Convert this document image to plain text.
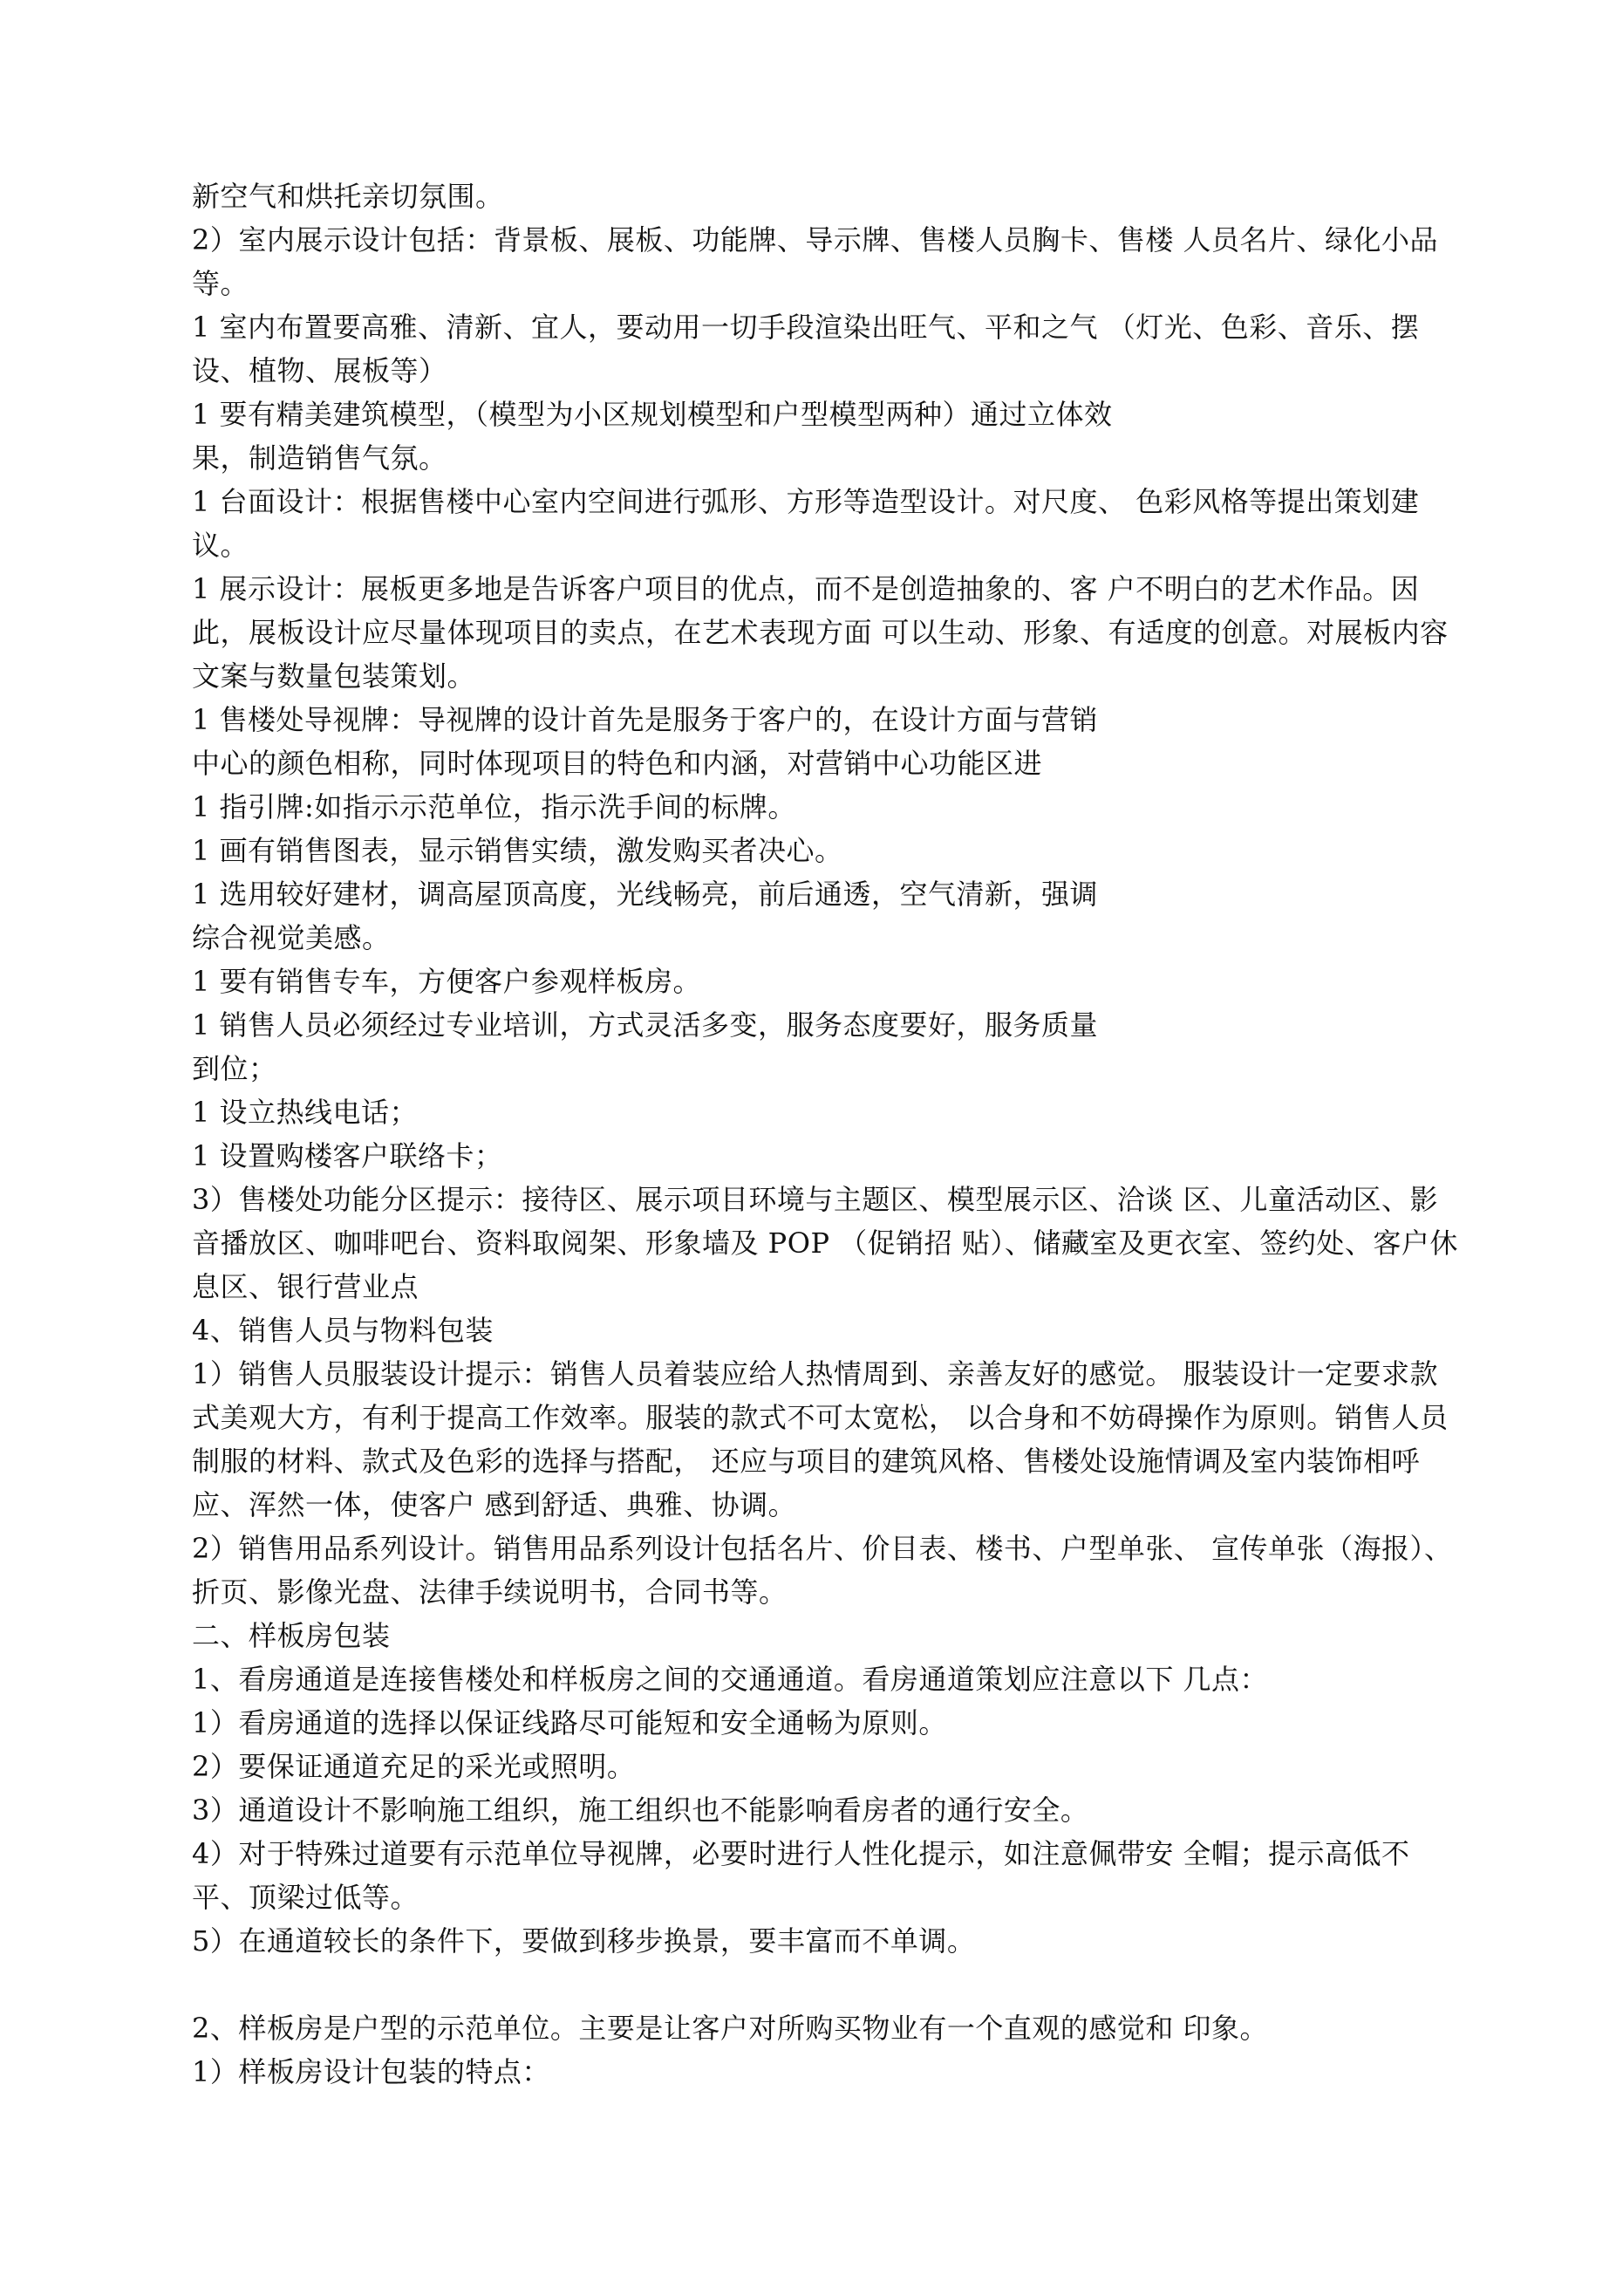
新空气和烘托亲切氛围。

2）室内展示设计包括：背景板、展板、功能牌、导示牌、售楼人员胸卡、售楼 人员名片、绿化小品等。

1 室内布置要高雅、清新、宜人，要动用一切手段渲染出旺气、平和之气 （灯光、色彩、音乐、摆设、植物、展板等）

1 要有精美建筑模型，（模型为小区规划模型和户型模型两种）通过立体效

果，制造销售气氛。

1 台面设计：根据售楼中心室内空间进行弧形、方形等造型设计。对尺度、 色彩风格等提出策划建议。

1 展示设计：展板更多地是告诉客户项目的优点，而不是创造抽象的、客 户不明白的艺术作品。因此，展板设计应尽量体现项目的卖点，在艺术表现方面 可以生动、形象、有适度的创意。对展板内容文案与数量包装策划。

1 售楼处导视牌：导视牌的设计首先是服务于客户的，在设计方面与营销

中心的颜色相称，同时体现项目的特色和内涵，对营销中心功能区进

1 指引牌:如指示示范单位，指示洗手间的标牌。

1 画有销售图表，显示销售实绩，激发购买者决心。

1 选用较好建材，调高屋顶高度，光线畅亮，前后通透，空气清新，强调

综合视觉美感。

1 要有销售专车，方便客户参观样板房。

1 销售人员必须经过专业培训，方式灵活多变，服务态度要好，服务质量

到位；

1 设立热线电话；

1 设置购楼客户联络卡；

3）售楼处功能分区提示：接待区、展示项目环境与主题区、模型展示区、洽谈 区、儿童活动区、影音播放区、咖啡吧台、资料取阅架、形象墙及 POP （促销招 贴）、储藏室及更衣室、签约处、客户休息区、银行营业点

4、销售人员与物料包装

1）销售人员服装设计提示：销售人员着装应给人热情周到、亲善友好的感觉。 服装设计一定要求款式美观大方，有利于提高工作效率。服装的款式不可太宽松， 以合身和不妨碍操作为原则。销售人员制服的材料、款式及色彩的选择与搭配， 还应与项目的建筑风格、售楼处设施情调及室内装饰相呼应、浑然一体，使客户 感到舒适、典雅、协调。

2）销售用品系列设计。销售用品系列设计包括名片、价目表、楼书、户型单张、 宣传单张（海报）、折页、影像光盘、法律手续说明书，合同书等。

二、样板房包装

1、看房通道是连接售楼处和样板房之间的交通通道。看房通道策划应注意以下 几点：

1）看房通道的选择以保证线路尽可能短和安全通畅为原则。

2）要保证通道充足的采光或照明。

3）通道设计不影响施工组织，施工组织也不能影响看房者的通行安全。

4）对于特殊过道要有示范单位导视牌，必要时进行人性化提示，如注意佩带安 全帽；提示高低不平、顶梁过低等。

5）在通道较长的条件下，要做到移步换景，要丰富而不单调。

2、样板房是户型的示范单位。主要是让客户对所购买物业有一个直观的感觉和 印象。

1）样板房设计包装的特点：
